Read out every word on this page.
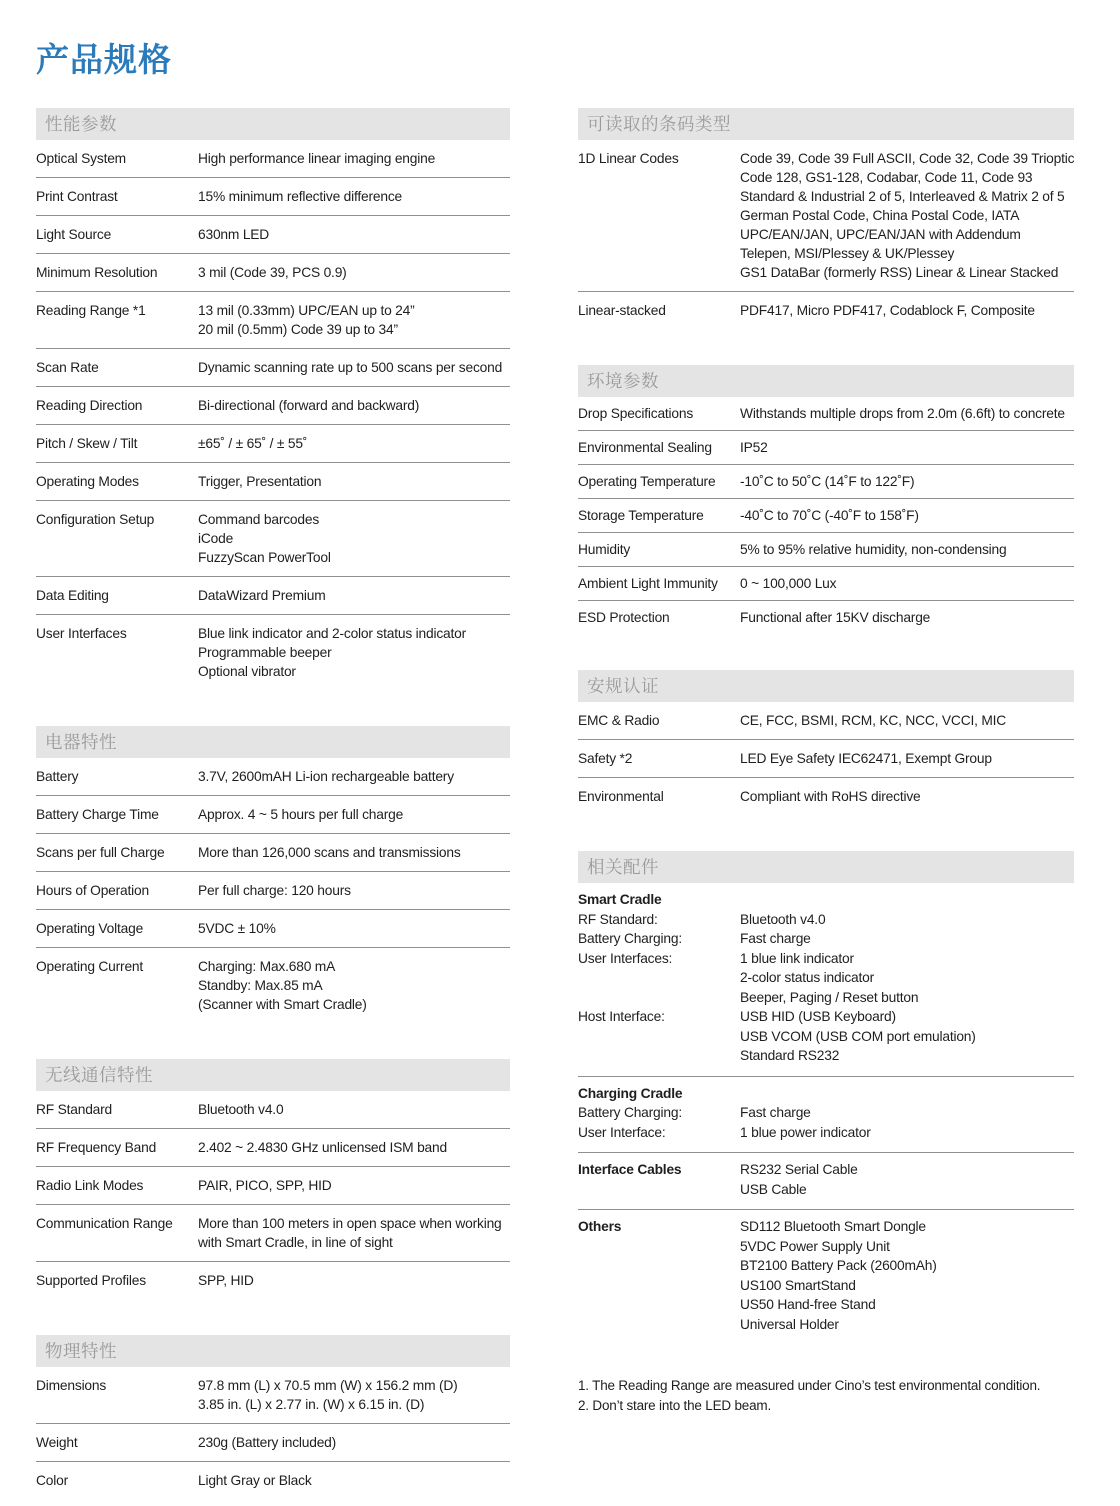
产品规格
性能参数
Optical System	High performance linear imaging engine
Print Contrast	15% minimum reflective difference
Light Source	630nm LED
Minimum Resolution	3 mil (Code 39, PCS 0.9)
Reading Range *1	13 mil (0.33mm) UPC/EAN up to 24”
20 mil (0.5mm) Code 39 up to 34”
Scan Rate	Dynamic scanning rate up to 500 scans per second
Reading Direction	Bi-directional (forward and backward)
Pitch / Skew / Tilt	±65˚ / ± 65˚ / ± 55˚
Operating Modes	Trigger, Presentation
Configuration Setup	Command barcodes
iCode
FuzzyScan PowerTool
Data Editing	DataWizard Premium
User Interfaces	Blue link indicator and 2-color status indicator
Programmable beeper
Optional vibrator
电器特性
Battery	3.7V, 2600mAH Li-ion rechargeable battery
Battery Charge Time	Approx. 4 ~ 5 hours per full charge
Scans per full Charge	More than 126,000 scans and transmissions
Hours of Operation	Per full charge: 120 hours
Operating Voltage	5VDC ± 10%
Operating Current	Charging: Max.680 mA
Standby: Max.85 mA
(Scanner with Smart Cradle)
无线通信特性
RF Standard	Bluetooth v4.0
RF Frequency Band	2.402 ~ 2.4830 GHz unlicensed ISM band
Radio Link Modes	PAIR, PICO, SPP, HID
Communication Range	More than 100 meters in open space when working
with Smart Cradle, in line of sight
Supported Profiles	SPP, HID
物理特性
Dimensions	97.8 mm (L) x 70.5 mm (W) x 156.2 mm (D)
3.85 in. (L) x 2.77 in. (W) x 6.15 in. (D)
Weight	230g (Battery included)
Color	Light Gray or Black
可读取的条码类型
1D Linear Codes	Code 39, Code 39 Full ASCII, Code 32, Code 39 Trioptic
Code 128, GS1-128, Codabar, Code 11, Code 93
Standard & Industrial 2 of 5, Interleaved & Matrix 2 of 5
German Postal Code, China Postal Code, IATA
UPC/EAN/JAN, UPC/EAN/JAN with Addendum
Telepen, MSI/Plessey & UK/Plessey
GS1 DataBar (formerly RSS) Linear & Linear Stacked
Linear-stacked	PDF417, Micro PDF417, Codablock F, Composite
环境参数
Drop Specifications	Withstands multiple drops from 2.0m (6.6ft) to concrete
Environmental Sealing	IP52
Operating Temperature	-10˚C to 50˚C (14˚F to 122˚F)
Storage Temperature	-40˚C to 70˚C (-40˚F to 158˚F)
Humidity	5% to 95% relative humidity, non-condensing
Ambient Light Immunity	0 ~ 100,000 Lux
ESD Protection	Functional after 15KV discharge
安规认证
EMC & Radio	CE, FCC, BSMI, RCM, KC, NCC, VCCI, MIC
Safety *2	LED Eye Safety IEC62471, Exempt Group
Environmental	Compliant with RoHS directive
相关配件
Smart Cradle
RF Standard:	Bluetooth v4.0
Battery Charging:	Fast charge
User Interfaces:	1 blue link indicator
2-color status indicator
Beeper, Paging / Reset button
Host Interface:	USB HID (USB Keyboard)
USB VCOM (USB COM port emulation)
Standard RS232
Charging Cradle
Battery Charging:	Fast charge
User Interface:	1 blue power indicator
Interface Cables	RS232 Serial Cable
USB Cable
Others	SD112 Bluetooth Smart Dongle
5VDC Power Supply Unit
BT2100 Battery Pack (2600mAh)
US100 SmartStand
US50 Hand-free Stand
Universal Holder
1. The Reading Range are measured under Cino’s test environmental condition.
2. Don’t stare into the LED beam.
